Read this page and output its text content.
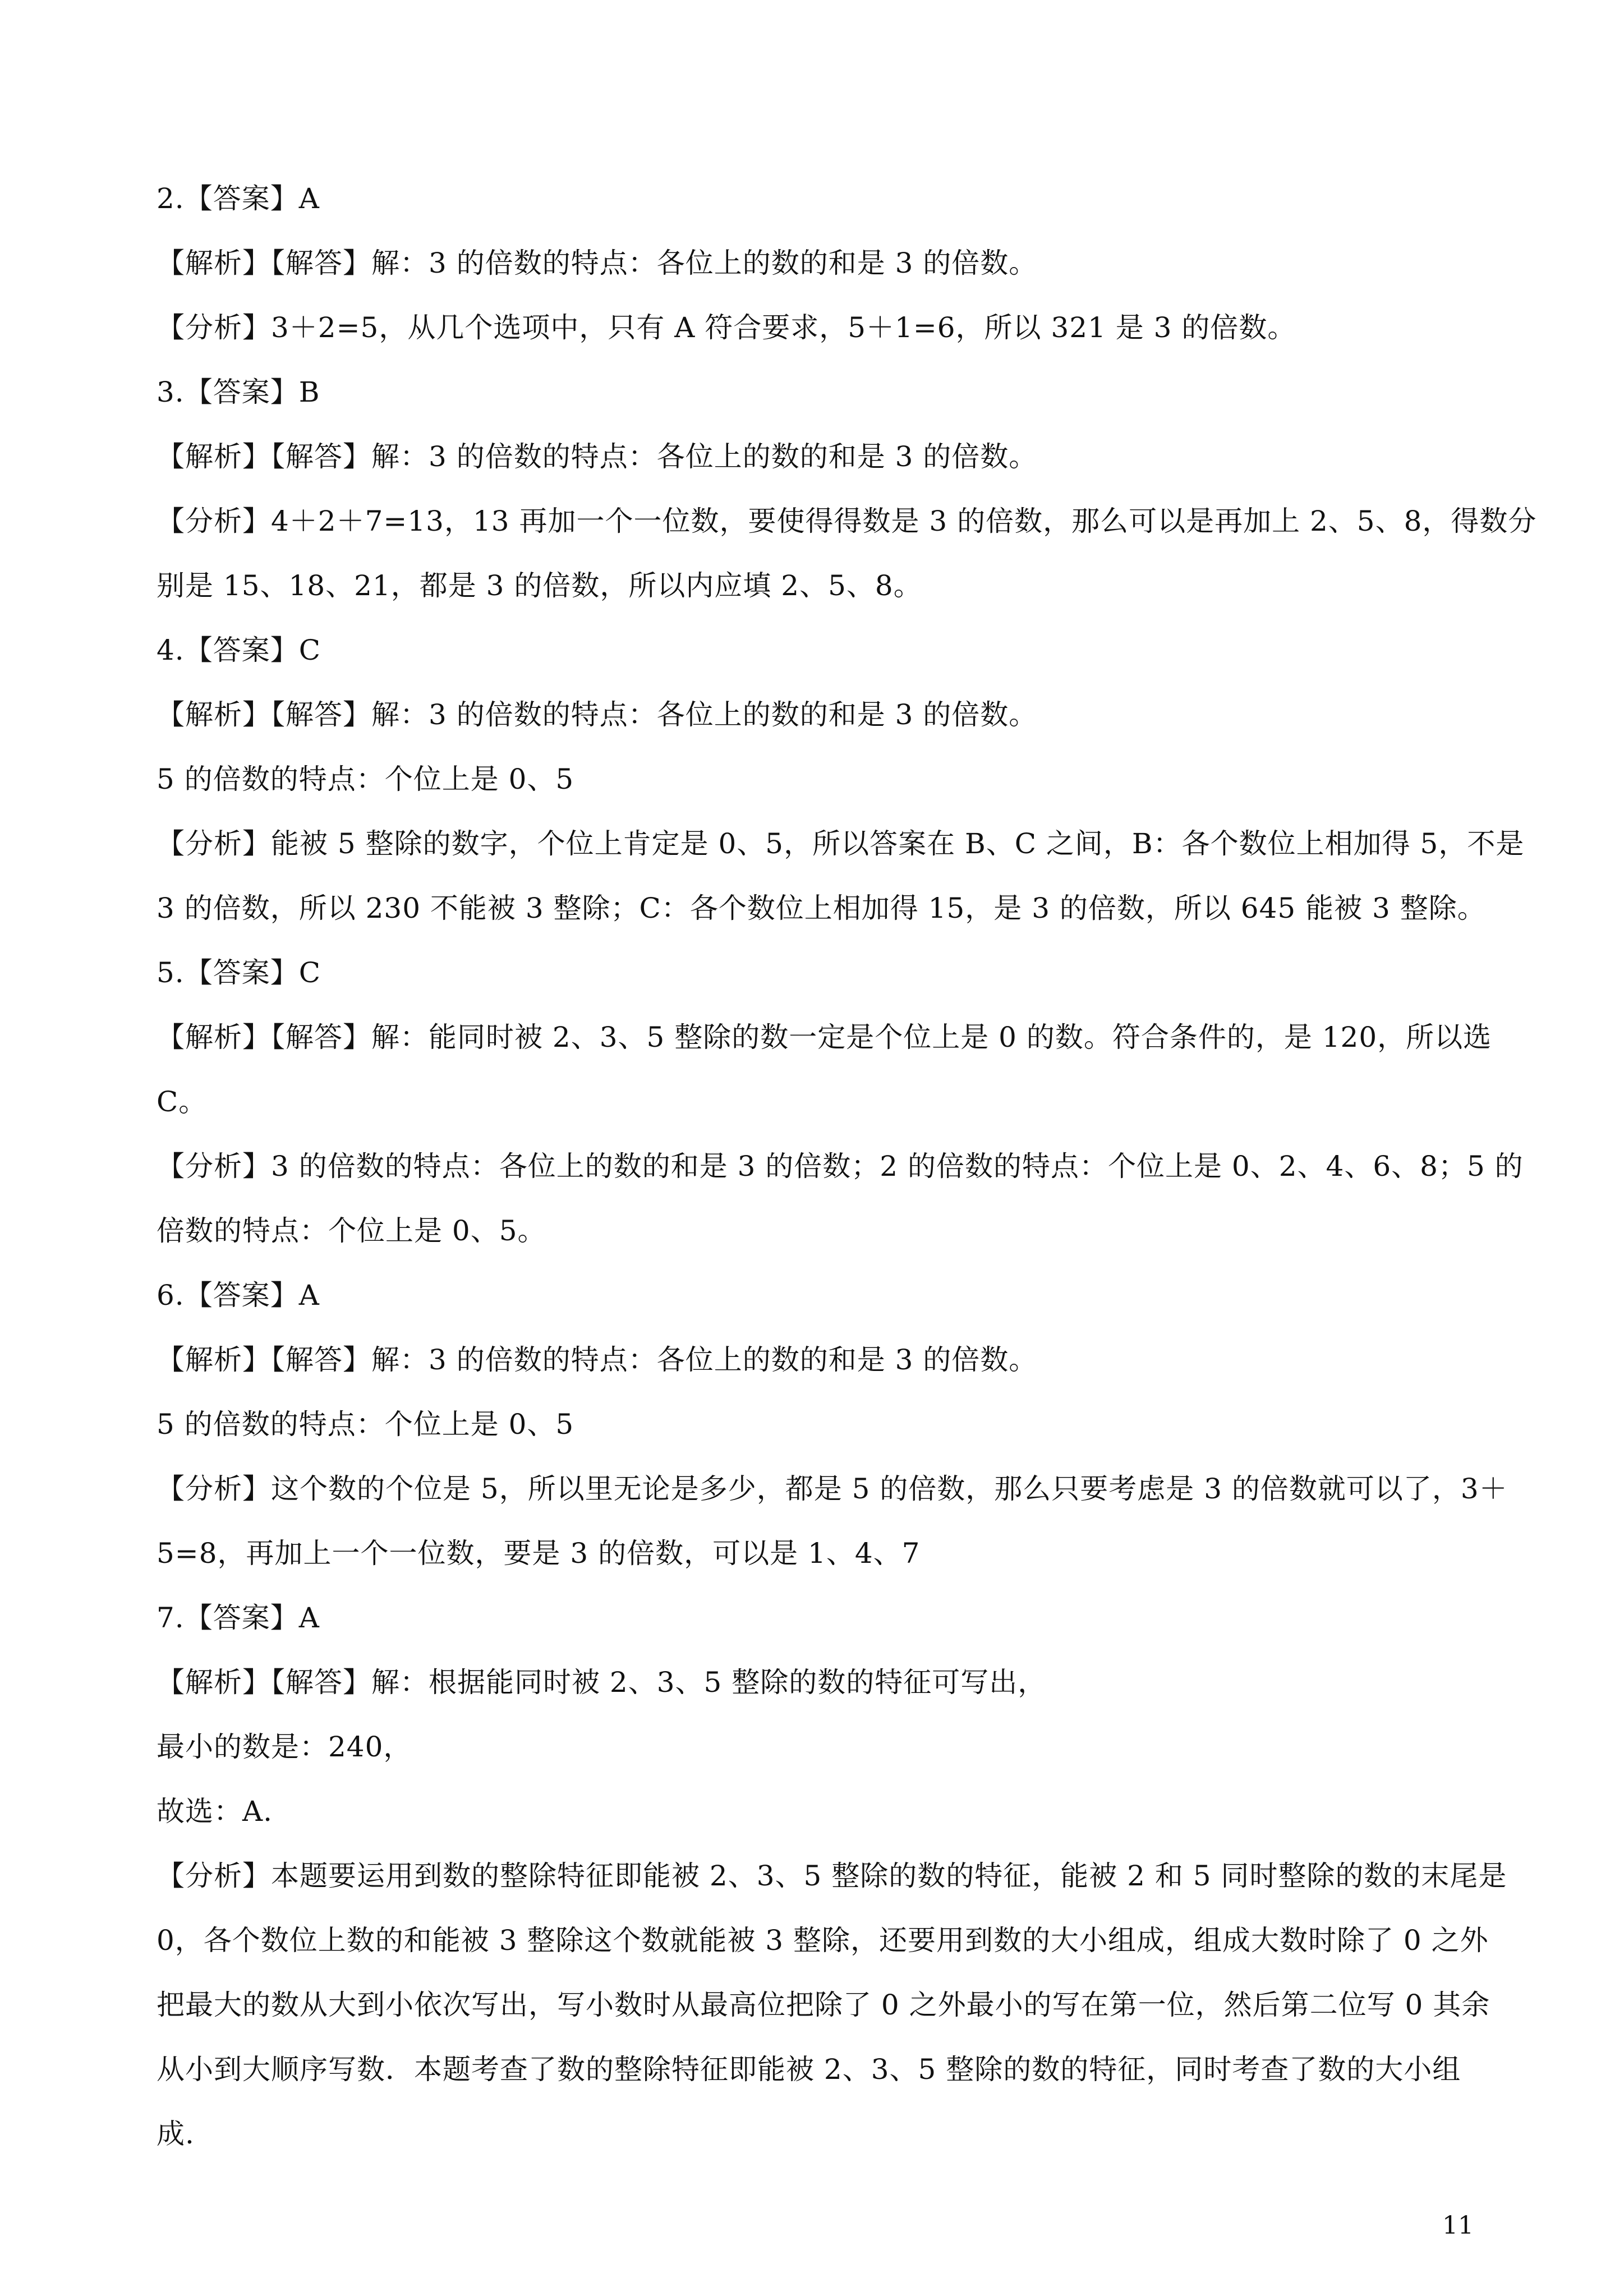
2.【答案】A
【解析】【解答】解：3 的倍数的特点：各位上的数的和是 3 的倍数。
【分析】3＋2=5，从几个选项中，只有 A 符合要求，5＋1=6，所以 321 是 3 的倍数。
3.【答案】B
【解析】【解答】解：3 的倍数的特点：各位上的数的和是 3 的倍数。
【分析】4＋2＋7=13，13 再加一个一位数，要使得得数是 3 的倍数，那么可以是再加上 2、5、8，得数分
别是 15、18、21，都是 3 的倍数，所以内应填 2、5、8。
4.【答案】C
【解析】【解答】解：3 的倍数的特点：各位上的数的和是 3 的倍数。
5 的倍数的特点：个位上是 0、5
【分析】能被 5 整除的数字，个位上肯定是 0、5，所以答案在 B、C 之间，B：各个数位上相加得 5，不是
3 的倍数，所以 230 不能被 3 整除；C：各个数位上相加得 15，是 3 的倍数，所以 645 能被 3 整除。
5.【答案】C
【解析】【解答】解：能同时被 2、3、5 整除的数一定是个位上是 0 的数。符合条件的，是 120，所以选
C。
【分析】3 的倍数的特点：各位上的数的和是 3 的倍数；2 的倍数的特点：个位上是 0、2、4、6、8；5 的
倍数的特点：个位上是 0、5。
6.【答案】A
【解析】【解答】解：3 的倍数的特点：各位上的数的和是 3 的倍数。
5 的倍数的特点：个位上是 0、5
【分析】这个数的个位是 5，所以里无论是多少，都是 5 的倍数，那么只要考虑是 3 的倍数就可以了，3＋
5=8，再加上一个一位数，要是 3 的倍数，可以是 1、4、7
7.【答案】A
【解析】【解答】解：根据能同时被 2、3、5 整除的数的特征可写出，
最小的数是：240，
故选：A.
【分析】本题要运用到数的整除特征即能被 2、3、5 整除的数的特征，能被 2 和 5 同时整除的数的末尾是
0，各个数位上数的和能被 3 整除这个数就能被 3 整除，还要用到数的大小组成，组成大数时除了 0 之外
把最大的数从大到小依次写出，写小数时从最高位把除了 0 之外最小的写在第一位，然后第二位写 0 其余
从小到大顺序写数．本题考查了数的整除特征即能被 2、3、5 整除的数的特征，同时考查了数的大小组
成.
11
